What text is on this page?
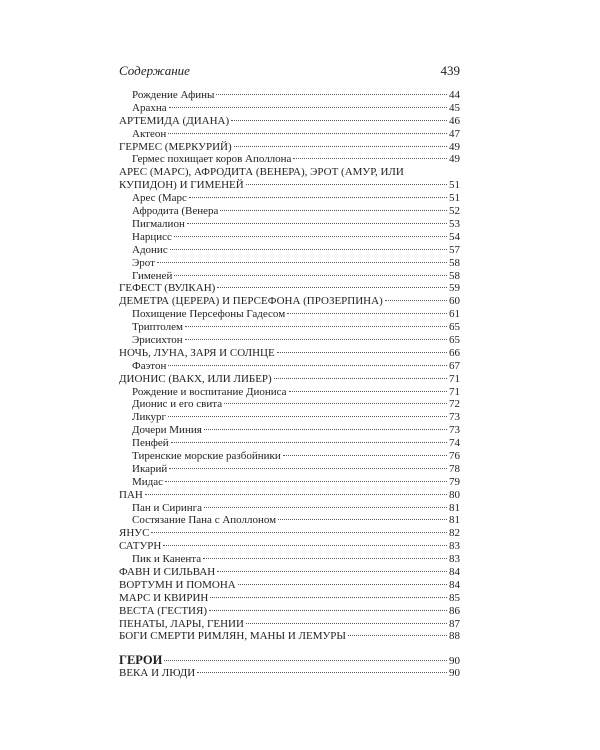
Содержание	439
Рождение Афины	44
Арахна	45
АРТЕМИДА (ДИАНА)	46
Актеон	47
ГЕРМЕС (МЕРКУРИЙ)	49
Гермес похищает коров Аполлона	49
АРЕС (МАРС), АФРОДИТА (ВЕНЕРА), ЭРОТ (АМУР, ИЛИ
КУПИДОН) И ГИМЕНЕЙ	51
Арес (Марс	51
Афродита (Венера	52
Пигмалион	53
Нарцисс	54
Адонис	57
Эрот	58
Гименей	58
ГЕФЕСТ (ВУЛКАН)	59
ДЕМЕТРА (ЦЕРЕРА) И ПЕРСЕФОНА (ПРОЗЕРПИНА)	60
Похищение Персефоны Гадесом	61
Триптолем	65
Эрисихтон	65
НОЧЬ, ЛУНА, ЗАРЯ И СОЛНЦЕ	66
Фаэтон	67
ДИОНИС (ВАКХ, ИЛИ ЛИБЕР)	71
Рождение и воспитание Диониса	71
Дионис и его свита	72
Ликург	73
Дочери Миния	73
Пенфей	74
Тиренские морские разбойники	76
Икарий	78
Мидас	79
ПАН	80
Пан и Сиринга	81
Состязание Пана с Аполлоном	81
ЯНУС	82
САТУРН	83
Пик и Канента	83
ФАВН И СИЛЬВАН	84
ВОРТУМН И ПОМОНА	84
МАРС И КВИРИН	85
ВЕСТА (ГЕСТИЯ)	86
ПЕНАТЫ, ЛАРЫ, ГЕНИИ	87
БОГИ СМЕРТИ РИМЛЯН, МАНЫ И ЛЕМУРЫ	88
ГЕРОИ	90
ВЕКА И ЛЮДИ	90
